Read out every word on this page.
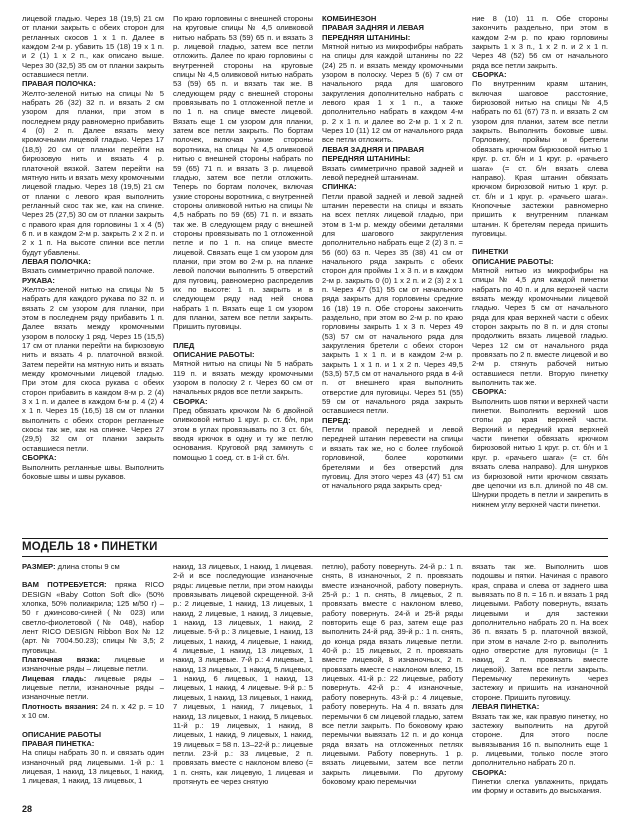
лицевой гладью. Через 18 (19,5) 21 см от планки закрыть с обеих сторон для регланных скосов 1 х 1 п. Далее в каждом 2-м р. убавить 15 (18) 19 х 1 п. и 2 (1) 1 х 2 п., как описано выше. Через 30 (32,5) 35 см от планки закрыть оставшиеся петли.

ПРАВАЯ ПОЛОЧКА:

Желто-зеленой нитью на спицы № 5 набрать 26 (32) 32 п. и вязать 2 см узором для планки, при этом в последнем ряду равномерно прибавить 4 (0) 2 п. Далее вязать меху кромочными лицевой гладью. Через 17 (18,5) 20 см от планки перейти на бирюзовую нить и вязать 4 р. платочной вязкой. Затем перейти на мятную нить и вязать меху кромочными лицевой гладью. Через 18 (19,5) 21 см от планки с левого края выполнить регланный скос так же, как на спинке. Через 25 (27,5) 30 см от планки закрыть с правого края для горловины 1 х 4 (5) 6 п. и в каждом 2-м р. закрыть 2 х 2 п. и 2 х 1 п. На высоте спинки все петли будут убавлены.

ЛЕВАЯ ПОЛОЧКА:

Вязать симметрично правой полочке.

РУКАВА:

Желто-зеленой нитью на спицы № 5 набрать для каждого рукава по 32 п. и вязать 2 см узором для планки, при этом в последнем ряду прибавить 1 п. Далее вязать между кромочными узором в полоску 1 ряд. Через 15 (15,5) 17 см от планки перейти на бирюзовую нить и вязать 4 р. платочной вязкой. Затем перейти на мятную нить и вязать между кромочными лицевой гладью. При этом для скоса рукава с обеих сторон прибавить в каждом 8-м р. 2 (4) 3 х 1 п. и далее в каждом 6-м р. 4 (2) 4 х 1 п. Через 15 (16,5) 18 см от планки выполнить с обеих сторон регланные скосы так же, как на спинке. Через 27 (29,5) 32 см от планки закрыть оставшиеся петли.

СБОРКА:

Выполнить регланные швы. Выполнить боковые швы и швы рукавов.

По краю горловины с внешней стороны на круговые спицы № 4,5 оливковой нитью набрать 53 (59) 65 п. и вязать 3 р. лицевой гладью, затем все петли отложить. Далее по краю горловины с внутренней стороны на круговые спицы № 4,5 оливковой нитью набрать 53 (59) 65 п. и вязать так же. В следующем ряду с внешней стороны провязывать по 1 отложенной петле и по 1 п. на спице вместе лицевой. Вязать еще 1 см узором для планки, затем все петли закрыть. По бортам полочек, включая узкие стороны воротника, на спицы № 4,5 оливковой нитью с внешней стороны набрать по 59 (65) 71 п. и вязать 3 р. лицевой гладью, затем все петли отложить. Теперь по бортам полочек, включая узкие стороны воротника, с внутренней стороны оливковой нитью на спицы № 4,5 набрать по 59 (65) 71 п. и вязать так же. В следующем ряду с внешней стороны провязывать по 1 отложенной петле и по 1 п. на спице вместе лицевой. Связать еще 1 см узором для планки, при этом во 2-м р. на планке левой полочки выполнить 5 отверстий для пуговиц, равномерно распределив их по высоте: 1 п. закрыть и в следующем ряду над ней снова набрать 1 п. Вязать еще 1 см узором для планки, затем все петли закрыть. Пришить пуговицы.

ПЛЕД
ОПИСАНИЕ РАБОТЫ:

Мятной нитью на спицы № 5 набрать 119 п. и вязать между кромочными узором в полоску 2 г. Через 60 см от начальных рядов все петли закрыть.

СБОРКА:

Пред обвязать крючком № 6 двойной оливковой нитью 1 круг. р. ст. б/н, при этом в углах провязывать по 3 ст. б/н, вводя крючок в одну и ту же петлю основания. Круговой ряд замкнуть с помощью 1 соед. ст. в 1-й ст. б/н.

КОМБИНЕЗОН
ПРАВАЯ ЗАДНЯЯ И ЛЕВАЯ ПЕРЕДНЯЯ ШТАНИНЫ:

Мятной нитью из микрофибры набрать на спицы для каждой штанины по 22 (24) 25 п. и вязать между кромочными узором в полоску. Через 5 (6) 7 см от начального ряда для шагового закругления дополнительно набрать с левого края 1 х 1 п., а также дополнительно набрать в каждом 4-м р. 2 х 1 п. и далее во 2-м р. 1 х 2 п. Через 10 (11) 12 см от начального ряда все петли отложить.

ЛЕВАЯ ЗАДНЯЯ И ПРАВАЯ ПЕРЕДНЯЯ ШТАНИНЫ:

Вязать симметрично правой задней и левой передней штанинам.

СПИНКА:

Петли правой задней и левой задней штанин перевести на спицы и вязать на всех петлях лицевой гладью, при этом в 1-м р. между обеими деталями для шагового закругления дополнительно набрать еще 2 (2) 3 п. = 56 (60) 63 п. Через 35 (38) 41 см от начального ряда закрыть с обеих сторон для проймы 1 х 3 п. и в каждом 2-м р. закрыть 0 (0) 1 х 2 п. и 2 (3) 2 х 1 п. Через 47 (51) 55 см от начального ряда закрыть для горловины средние 16 (18) 19 п. Обе стороны закончить раздельно, при этом во 2-м р. по краю горловины закрыть 1 х 3 п. Через 49 (53) 57 см от начального ряда для закругления бретели с обеих сторон закрыть 1 х 1 п. и в каждом 2-м р. закрыть 1 х 1 п. и 1 х 2 п. Через 49,5 (53,5) 57,5 см от начального ряда в 4-й п. от внешнего края выполнить отверстие для пуговицы. Через 51 (55) 59 см от начального ряда закрыть оставшиеся петли.

ПЕРЕД:

Петли правой передней и левой передней штанин перевести на спицы и вязать так же, но с более глубокой горловиной, более короткими бретелями и без отверстий для пуговиц. Для этого через 43 (47) 51 см от начального ряда закрыть сред-

ние 8 (10) 11 п. Обе стороны закончить раздельно, при этом в каждом 2-м р. по краю горловины закрыть 1 х 3 п., 1 х 2 п. и 2 х 1 п. Через 48 (52) 56 см от начального ряда все петли закрыть.

СБОРКА:

По внутренним краям штанин, включая шаговое расстояние, бирюзовой нитью на спицы № 4,5 набрать по 61 (67) 73 п. и вязать 2 см узором для планки, затем все петли закрыть. Выполнить боковые швы. Горловину, проймы и бретели обвязать крючком бирюзовой нитью 1 круг. р. ст. б/н и 1 круг. р. «рачьего шага» (= ст. б/н вязать слева направо). Края штанин обвязать крючком бирюзовой нитью 1 круг. р. ст. б/н и 1 круг. р. «рачьего шага». Кнопочные застежки равномерно пришить к внутренним планкам штанин. К бретелям переда пришить пуговицы.

ПИНЕТКИ
ОПИСАНИЕ РАБОТЫ:

Мятной нитью из микрофибры на спицы № 4,5 для каждой пинетки набрать по 40 п. и для верхней части вязать между кромочными лицевой гладью. Через 5 см от начального ряда для края верхней части с обеих сторон закрыть по 8 п. и для стопы продолжить вязать лицевой гладью. Через 12 см от начального ряда провязать по 2 п. вместе лицевой и во 2-м р. стянуть рабочей нитью оставшиеся петли. Вторую пинетку выполнить так же.

СБОРКА:

Выполнить шов пятки и верхней части пинетки. Выполнить верхний шов стопы до края верхней части. Верхний и передний края верхней части пинетки обвязать крючком бирюзовой нитью 1 круг. р. ст. б/н и 1 круг. р. «рачьего шага» (= ст. б/н вязать слева направо). Для шнурков из бирюзовой нити крючком связать две цепочки из в.п. длиной по 48 см. Шнурки продеть в петли и закрепить в нижнем углу верхней части пинетки.

МОДЕЛЬ 18 • ПИНЕТКИ

РАЗМЕР: длина стопы 9 см

ВАМ ПОТРЕБУЕТСЯ: пряжа RICO DESIGN «Baby Cotton Soft dk» (50% хлопка, 50% полиакрила; 125 м/50 г) – 50 г джинсово-синей (№ 023) или светло-фиолетовой (№ 048), набор лент RICO DESIGN Ribbon Box № 12 (арт. № 7004.50.23); спицы № 3,5; 2 пуговицы.

Платочная вязка: лицевые и изнаночные ряды – лицевые петли.

Лицевая гладь: лицевые ряды – лицевые петли, изнаночные ряды – изнаночные петли.

Плотность вязания: 24 п. х 42 р. = 10 х 10 см.

ОПИСАНИЕ РАБОТЫ
ПРАВАЯ ПИНЕТКА:

На спицы набрать 30 п. и связать один изнаночный ряд лицевыми. 1-й р.: 1 лицевая, 1 накид, 13 лицевых, 1 накид, 1 лицевая, 1 накид, 13 лицевых, 1

накид, 13 лицевых, 1 накид, 1 лицевая. 2-й и все последующие изнаночные ряды: лицевые петли, при этом накиды провязывать лицевой скрещенной. 3-й р.: 2 лицевые, 1 накид, 13 лицевых, 1 накид, 2 лицевые, 1 накид, 3 лицевые, 1 накид, 13 лицевых, 1 накид, 2 лицевые. 5-й р.: 3 лицевые, 1 накид, 13 лицевых, 1 накид, 4 лицевые, 1 накид, 4 лицевые, 1 накид, 13 лицевых, 1 накид, 3 лицевые. 7-й р.: 4 лицевые, 1 накид, 13 лицевых, 1 накид, 5 лицевых, 1 накид, 6 лицевых, 1 накид, 13 лицевых, 1 накид, 4 лицевые. 9-й р.: 5 лицевых, 1 накид, 13 лицевых, 1 накид, 7 лицевых, 1 накид, 7 лицевых, 1 накид, 13 лицевых, 1 накид, 5 лицевых. 11-й р.: 19 лицевых, 1 накид, 8 лицевых, 1 накид, 9 лицевых, 1 накид, 19 лицевых = 58 п. 13–22-й р.: лицевые петли. 23-й р.: 33 лицевые, 2 п. провязать вместе с наклоном влево (= 1 п. снять, как лицевую, 1 лицевая и протянуть ее через снятую

петлю), работу повернуть. 24-й р.: 1 п. снять, 8 изнаночных, 2 п. провязать вместе изнаночной, работу повернуть. 25-й р.: 1 п. снять, 8 лицевых, 2 п. провязать вместе с наклоном влево, работу повернуть. 24-й и 25-й ряды повторить еще 6 раз, затем еще раз выполнить 24-й ряд. 39-й р.: 1 п. снять, до конца ряда вязать лицевые петли. 40-й р.: 15 лицевых, 2 п. провязать вместе лицевой, 8 изнаночных, 2 п. провязать вместе с наклоном влево, 15 лицевых. 41-й р.: 22 лицевые, работу повернуть. 42-й р.: 4 изнаночные, работу повернуть. 43-й р.: 4 лицевые, работу повернуть. На 4 п. вязать для перемычки 6 см лицевой гладью, затем все петли закрыть. По боковому краю перемычки вывязать 12 п. и до конца ряда вязать на отложенных петлях лицевыми. Работу повернуть. 1 р. вязать лицевыми, затем все петли закрыть лицевыми. По другому боковому краю перемычки

вязать так же. Выполнить шов подошвы и пятки. Начиная с правого края, справа и слева от заднего шва вывязать по 8 п. = 16 п. и вязать 1 ряд лицевыми. Работу повернуть, вязать лицевыми и для застежки дополнительно набрать 20 п. На всех 36 п. вязать 5 р. платочной вязкой, при этом в начале 2-го р. выполнить одно отверстие для пуговицы (= 1 накид, 2 п. провязать вместе лицевой). Затем все петли закрыть. Перемычку перекинуть через застежку и пришить на изнаночной стороне. Пришить пуговицу.

ЛЕВАЯ ПИНЕТКА:

Вязать так же, как правую пинетку, но застежку выполнить на другой стороне. Для этого после вывязывания 16 п. выполнить еще 1 р. лицевыми, только после этого дополнительно набрать 20 п.

СБОРКА:

Пинетки слегка увлажнить, придать им форму и оставить до высыхания.

28
